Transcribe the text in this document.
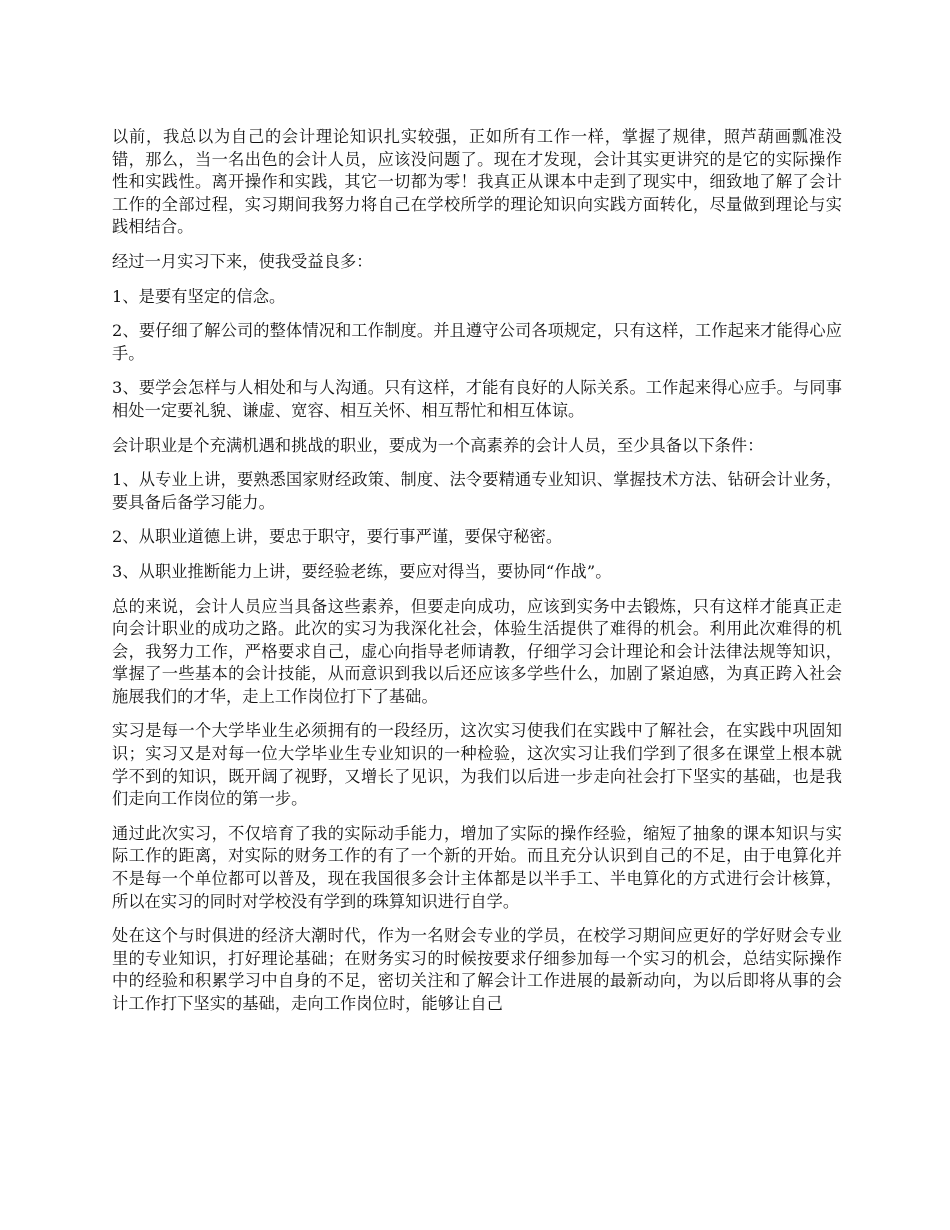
以前，我总以为自己的会计理论知识扎实较强，正如所有工作一样，掌握了规律，照芦葫画瓢准没错，那么，当一名出色的会计人员，应该没问题了。现在才发现，会计其实更讲究的是它的实际操作性和实践性。离开操作和实践，其它一切都为零！我真正从课本中走到了现实中，细致地了解了会计工作的全部过程，实习期间我努力将自己在学校所学的理论知识向实践方面转化，尽量做到理论与实践相结合。

经过一月实习下来，使我受益良多：

1、是要有坚定的信念。

2、要仔细了解公司的整体情况和工作制度。并且遵守公司各项规定，只有这样，工作起来才能得心应手。

3、要学会怎样与人相处和与人沟通。只有这样，才能有良好的人际关系。工作起来得心应手。与同事相处一定要礼貌、谦虚、宽容、相互关怀、相互帮忙和相互体谅。

会计职业是个充满机遇和挑战的职业，要成为一个高素养的会计人员，至少具备以下条件：

1、从专业上讲，要熟悉国家财经政策、制度、法令要精通专业知识、掌握技术方法、钻研会计业务，要具备后备学习能力。

2、从职业道德上讲，要忠于职守，要行事严谨，要保守秘密。

3、从职业推断能力上讲，要经验老练，要应对得当，要协同“作战”。

总的来说，会计人员应当具备这些素养，但要走向成功，应该到实务中去锻炼，只有这样才能真正走向会计职业的成功之路。此次的实习为我深化社会，体验生活提供了难得的机会。利用此次难得的机会，我努力工作，严格要求自己，虚心向指导老师请教，仔细学习会计理论和会计法律法规等知识，掌握了一些基本的会计技能，从而意识到我以后还应该多学些什么，加剧了紧迫感，为真正跨入社会施展我们的才华，走上工作岗位打下了基础。

实习是每一个大学毕业生必须拥有的一段经历，这次实习使我们在实践中了解社会，在实践中巩固知识；实习又是对每一位大学毕业生专业知识的一种检验，这次实习让我们学到了很多在课堂上根本就学不到的知识，既开阔了视野，又增长了见识，为我们以后进一步走向社会打下坚实的基础，也是我们走向工作岗位的第一步。

通过此次实习，不仅培育了我的实际动手能力，增加了实际的操作经验，缩短了抽象的课本知识与实际工作的距离，对实际的财务工作的有了一个新的开始。而且充分认识到自己的不足，由于电算化并不是每一个单位都可以普及，现在我国很多会计主体都是以半手工、半电算化的方式进行会计核算，所以在实习的同时对学校没有学到的珠算知识进行自学。

处在这个与时俱进的经济大潮时代，作为一名财会专业的学员，在校学习期间应更好的学好财会专业里的专业知识，打好理论基础；在财务实习的时候按要求仔细参加每一个实习的机会，总结实际操作中的经验和积累学习中自身的不足，密切关注和了解会计工作进展的最新动向，为以后即将从事的会计工作打下坚实的基础，走向工作岗位时，能够让自己
